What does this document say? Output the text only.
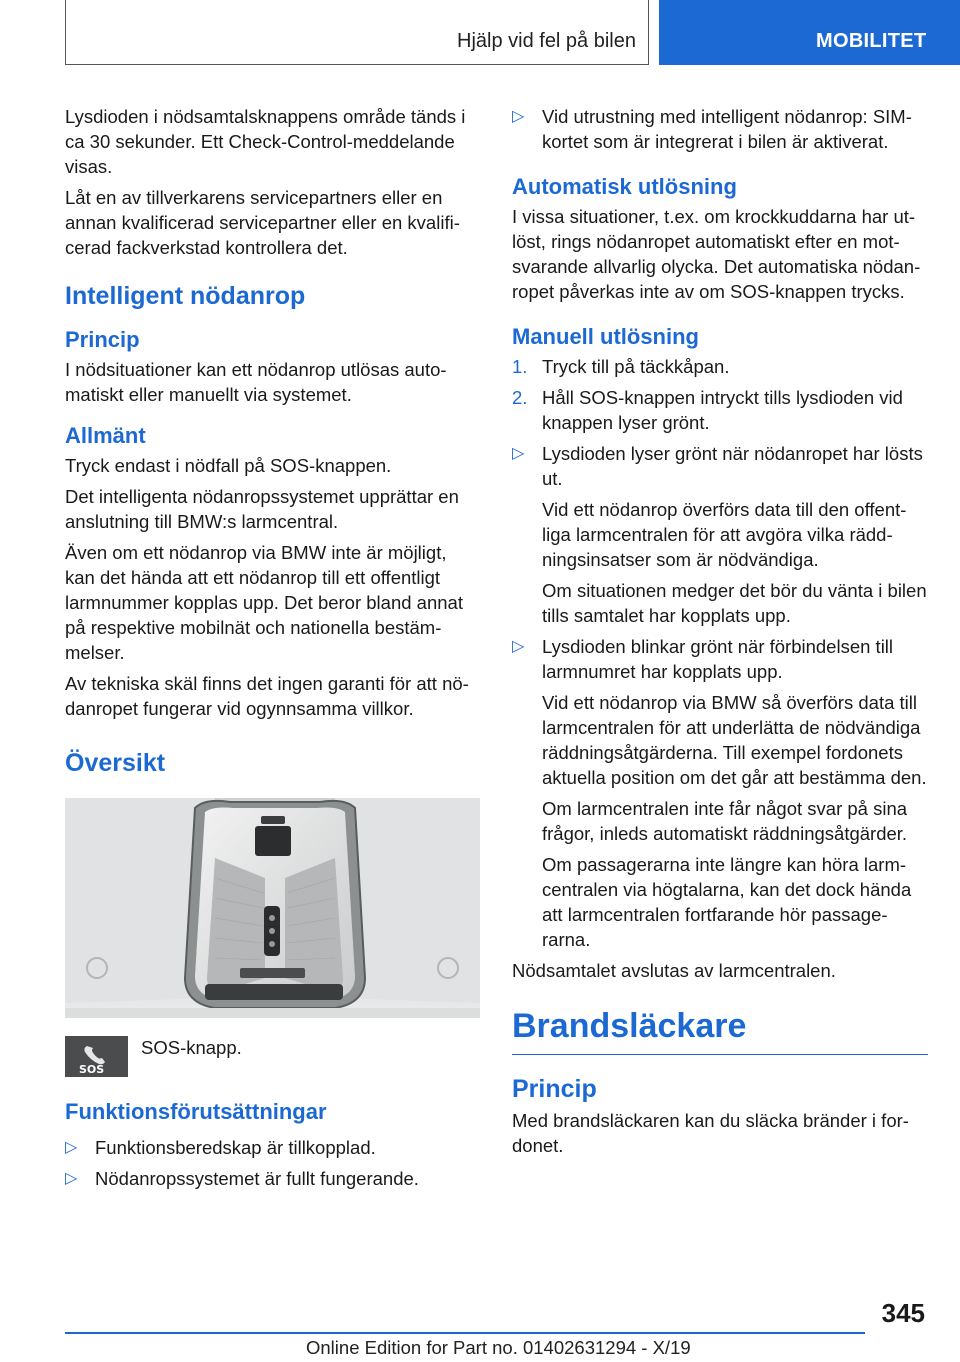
Hjälp vid fel på bilen	MOBILITET

Lysdioden i nödsamtalsknappens område tänds i ca 30 sekunder. Ett Check-Control-meddelande visas.

Låt en av tillverkarens servicepartners eller en annan kvalificerad servicepartner eller en kvalificerad fackverkstad kontrollera det.

Intelligent nödanrop
Princip

I nödsituationer kan ett nödanrop utlösas automatiskt eller manuellt via systemet.

Allmänt

Tryck endast i nödfall på SOS-knappen.

Det intelligenta nödanropssystemet upprättar en anslutning till BMW:s larmcentral.

Även om ett nödanrop via BMW inte är möjligt, kan det hända att ett nödanrop till ett offentligt larmnummer kopplas upp. Det beror bland annat på respektive mobilnät och nationella bestämmelser.

Av tekniska skäl finns det ingen garanti för att nödanropet fungerar vid ogynnsamma villkor.

Översikt
SOS
SOS-knapp.
Funktionsförutsättningar
▷ Funktionsberedskap är tillkopplad.
▷ Nödanropssystemet är fullt fungerande.
▷ Vid utrustning med intelligent nödanrop: SIM-kortet som är integrerat i bilen är aktiverat.
Automatisk utlösning

I vissa situationer, t.ex. om krockkuddarna har utlöst, rings nödanropet automatiskt efter en motsvarande allvarlig olycka. Det automatiska nödanropet påverkas inte av om SOS-knappen trycks.

Manuell utlösning
1. Tryck till på täckkåpan.
2. Håll SOS-knappen intryckt tills lysdioden vid knappen lyser grönt.
▷ Lysdioden lyser grönt när nödanropet har lösts ut.

Vid ett nödanrop överförs data till den offentliga larmcentralen för att avgöra vilka räddningsinsatser som är nödvändiga.

Om situationen medger det bör du vänta i bilen tills samtalet har kopplats upp.

▷ Lysdioden blinkar grönt när förbindelsen till larmnumret har kopplats upp.

Vid ett nödanrop via BMW så överförs data till larmcentralen för att underlätta de nödvändiga räddningsåtgärderna. Till exempel fordonets aktuella position om det går att bestämma den.

Om larmcentralen inte får något svar på sina frågor, inleds automatiskt räddningsåtgärder.

Om passagerarna inte längre kan höra larmcentralen via högtalarna, kan det dock hända att larmcentralen fortfarande hör passagerarna.

Nödsamtalet avslutas av larmcentralen.

Brandsläckare
Princip

Med brandsläckaren kan du släcka bränder i fordonet.

345
Online Edition for Part no. 01402631294 - X/19
